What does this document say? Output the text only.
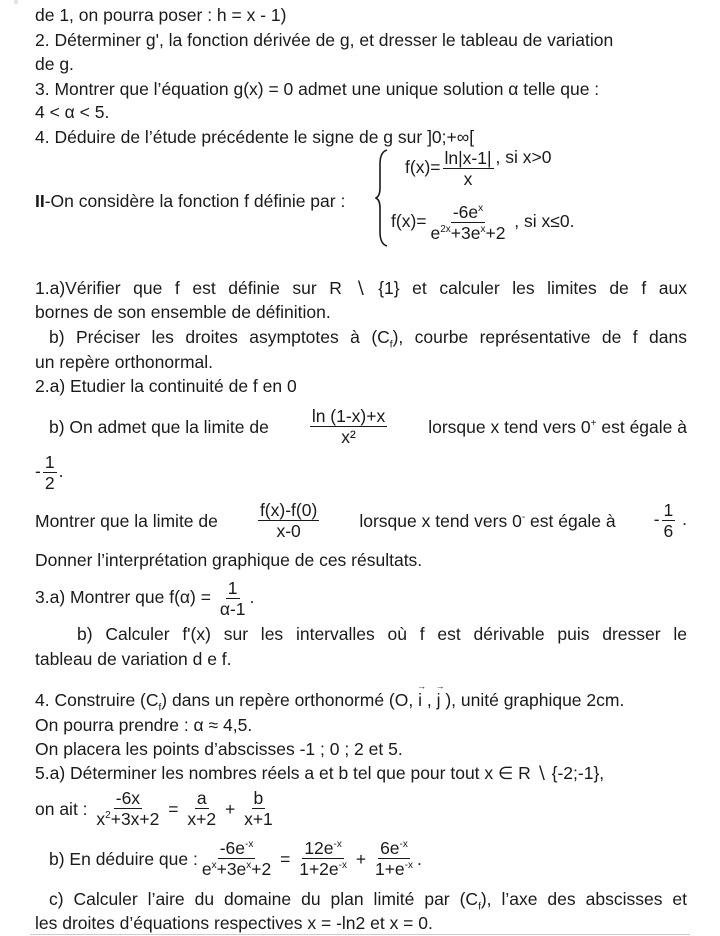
de 1, on pourra poser : h = x - 1)
2. Déterminer g', la fonction dérivée de g, et dresser le tableau de variation
de g.
3. Montrer que l’équation g(x) = 0 admet une unique solution α telle que :
4 < α < 5.
4. Déduire de l’étude précédente le signe de g sur ]0;+∞[
II-On considère la fonction f définie par :
$f(x)= \frac{\ln|x-1|}{x}$ , si x>0
$f(x)= \frac{-6e^x}{e^{2x}+3e^x+2}$ , si x≤0.
1.a)Vérifier que f est définie sur R ∖ {1} et calculer les limites de f aux
bornes de son ensemble de définition.
b) Préciser les droites asymptotes à $(C_f)$, courbe représentative de f dans
un repère orthonormal.
2.a) Etudier la continuité de f en 0
b) On admet que la limite de $\frac{\ln (1-x)+x}{\text{x²}}$ lorsque x tend vers 0+ est égale à
- $\frac{1}{2}$ .
Montrer que la limite de $\frac{f(x)-f(0)}{x-0}$ lorsque x tend vers 0- est égale à - $\frac{1}{6}$ .
Donner l’interprétation graphique de ces résultats.
3.a) Montrer que $f(\alpha) = \frac{1}{\alpha-1}$ .
b) Calculer f'(x) sur les intervalles où f est dérivable puis dresser le
tableau de variation d e f.
4. Construire $(C_f)$ dans un repère orthonormé (O, → i , → j ), unité graphique 2cm.
On pourra prendre : α ≈ 4,5.
On placera les points d’abscisses -1 ; 0 ; 2 et 5.
5.a) Déterminer les nombres réels a et b tel que pour tout x ∈ R ∖ {-2;-1},
on ait :
$\frac{-6x}{x^2+3x+2}$
=
$\frac{a}{x+2}$
+
$\frac{b}{x+1}$
b) En déduire que : $\frac{-6e^{-x}}{e^x+3e^x+2}$
=
$\frac{12e^{-x}}{1+2e^{-x}}$
+
$\frac{6e^{-x}}{1+e^{-x}}$ .
c) Calculer l’aire du domaine du plan limité par $(C_f)$, l’axe des abscisses et
les droites d’équations respectives x = -ln2 et x = 0.
